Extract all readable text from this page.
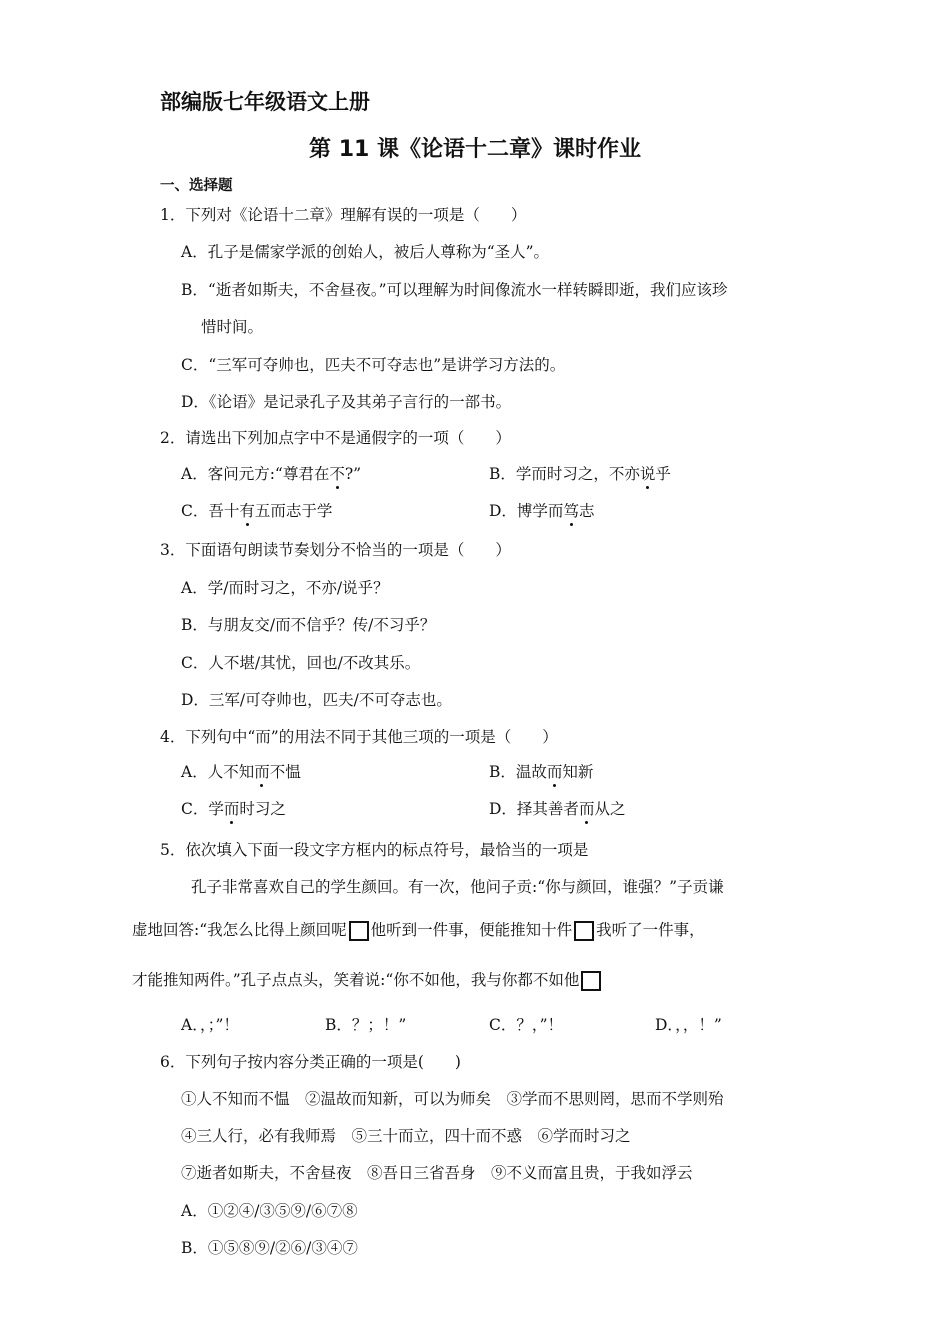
部编版七年级语文上册
第 11 课《论语十二章》课时作业
一、选择题
1．下列对《论语十二章》理解有误的一项是（　　）
A．孔子是儒家学派的创始人，被后人尊称为“圣人”。
B．“逝者如斯夫，不舍昼夜。”可以理解为时间像流水一样转瞬即逝，我们应该珍
惜时间。
C．“三军可夺帅也，匹夫不可夺志也”是讲学习方法的。
D．《论语》是记录孔子及其弟子言行的一部书。
2．请选出下列加点字中不是通假字的一项（　　）
A．客问元方:“尊君在不?”	B．学而时习之，不亦说乎
C．吾十有五而志于学	D．博学而笃志
3．下面语句朗读节奏划分不恰当的一项是（　　）
A．学/而时习之，不亦/说乎？
B．与朋友交/而不信乎？传/不习乎？
C．人不堪/其忧，回也/不改其乐。
D．三军/可夺帅也，匹夫/不可夺志也。
4．下列句中“而”的用法不同于其他三项的一项是（　　）
A．人不知而不愠	B．温故而知新
C．学而时习之	D．择其善者而从之
5．依次填入下面一段文字方框内的标点符号，最恰当的一项是
孔子非常喜欢自己的学生颜回。有一次，他问子贡:“你与颜回，谁强？”子贡谦
虚地回答:“我怎么比得上颜回呢 他听到一件事，便能推知十件 我听了一件事，
才能推知两件。”孔子点点头，笑着说:“你不如他，我与你都不如他
A．，；”！	B．？；！”	C．？，”！	D．，，！”
6．下列句子按内容分类正确的一项是(　　)
①人不知而不愠　②温故而知新，可以为师矣　③学而不思则罔，思而不学则殆
④三人行，必有我师焉　⑤三十而立，四十而不惑　⑥学而时习之
⑦逝者如斯夫，不舍昼夜　⑧吾日三省吾身　⑨不义而富且贵，于我如浮云
A．①②④/③⑤⑨/⑥⑦⑧
B．①⑤⑧⑨/②⑥/③④⑦
